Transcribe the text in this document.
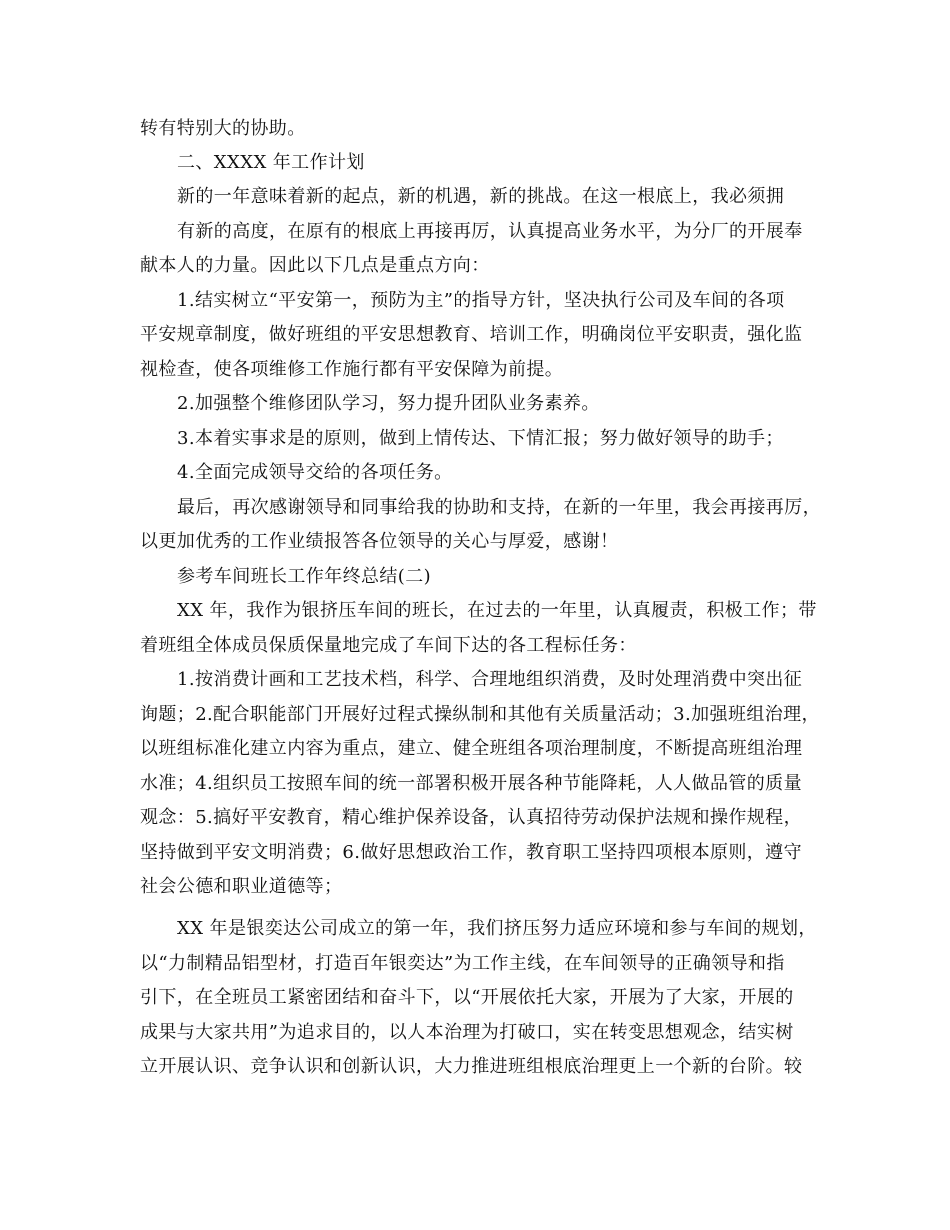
转有特别大的协助。
二、XXXX 年工作计划
新的一年意味着新的起点，新的机遇，新的挑战。在这一根底上，我必须拥
有新的高度，在原有的根底上再接再厉，认真提高业务水平，为分厂的开展奉
献本人的力量。因此以下几点是重点方向：
1.结实树立“平安第一，预防为主”的指导方针，坚决执行公司及车间的各项
平安规章制度，做好班组的平安思想教育、培训工作，明确岗位平安职责，强化监
视检查，使各项维修工作施行都有平安保障为前提。
2.加强整个维修团队学习，努力提升团队业务素养。
3.本着实事求是的原则，做到上情传达、下情汇报；努力做好领导的助手；
4.全面完成领导交给的各项任务。
最后，再次感谢领导和同事给我的协助和支持，在新的一年里，我会再接再厉，
以更加优秀的工作业绩报答各位领导的关心与厚爱，感谢！
参考车间班长工作年终总结(二)
XX 年，我作为银挤压车间的班长，在过去的一年里，认真履责，积极工作；带
着班组全体成员保质保量地完成了车间下达的各工程标任务：
1.按消费计画和工艺技术档，科学、合理地组织消费，及时处理消费中突出征
询题；2.配合职能部门开展好过程式操纵制和其他有关质量活动；3.加强班组治理，
以班组标准化建立内容为重点，建立、健全班组各项治理制度，不断提高班组治理
水准；4.组织员工按照车间的统一部署积极开展各种节能降耗，人人做品管的质量
观念：5.搞好平安教育，精心维护保养设备，认真招待劳动保护法规和操作规程，
坚持做到平安文明消费；6.做好思想政治工作，教育职工坚持四项根本原则，遵守
社会公德和职业道德等；
XX 年是银奕达公司成立的第一年，我们挤压努力适应环境和参与车间的规划，
以“力制精品铝型材，打造百年银奕达”为工作主线，在车间领导的正确领导和指
引下，在全班员工紧密团结和奋斗下，以“开展依托大家，开展为了大家，开展的
成果与大家共用”为追求目的，以人本治理为打破口，实在转变思想观念，结实树
立开展认识、竞争认识和创新认识，大力推进班组根底治理更上一个新的台阶。较
